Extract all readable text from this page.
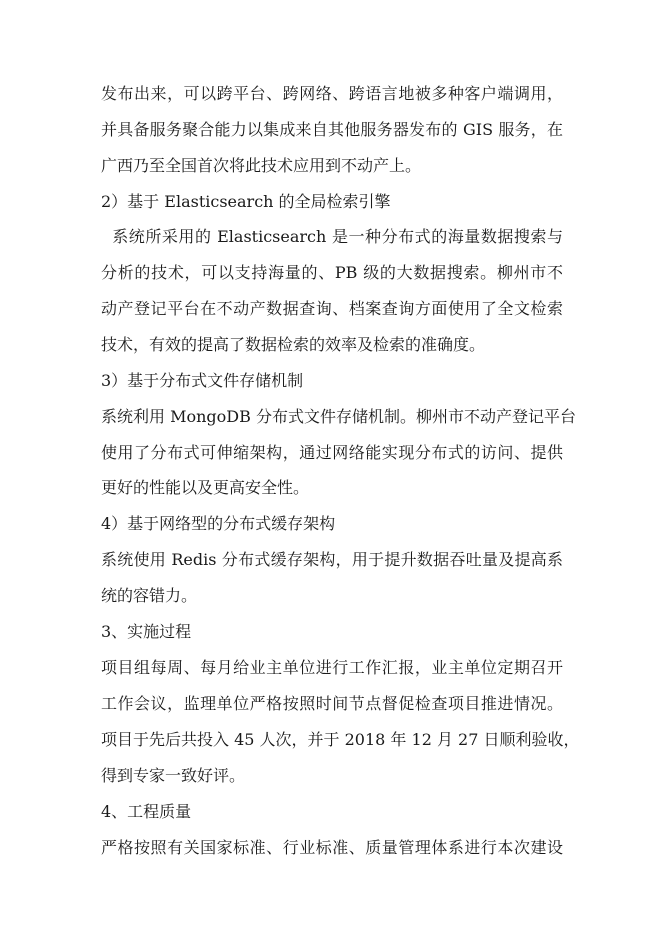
发布出来，可以跨平台、跨网络、跨语言地被多种客户端调用，
并具备服务聚合能力以集成来自其他服务器发布的 GIS 服务，在
广西乃至全国首次将此技术应用到不动产上。
2）基于 Elasticsearch 的全局检索引擎
系统所采用的 Elasticsearch 是一种分布式的海量数据搜索与
分析的技术，可以支持海量的、PB 级的大数据搜索。柳州市不
动产登记平台在不动产数据查询、档案查询方面使用了全文检索
技术，有效的提高了数据检索的效率及检索的准确度。
3）基于分布式文件存储机制
系统利用 MongoDB 分布式文件存储机制。柳州市不动产登记平台
使用了分布式可伸缩架构，通过网络能实现分布式的访问、提供
更好的性能以及更高安全性。
4）基于网络型的分布式缓存架构
系统使用 Redis 分布式缓存架构，用于提升数据吞吐量及提高系
统的容错力。
3、实施过程
项目组每周、每月给业主单位进行工作汇报，业主单位定期召开
工作会议，监理单位严格按照时间节点督促检查项目推进情况。
项目于先后共投入 45 人次，并于 2018 年 12 月 27 日顺利验收，
得到专家一致好评。
4、工程质量
严格按照有关国家标准、行业标准、质量管理体系进行本次建设
